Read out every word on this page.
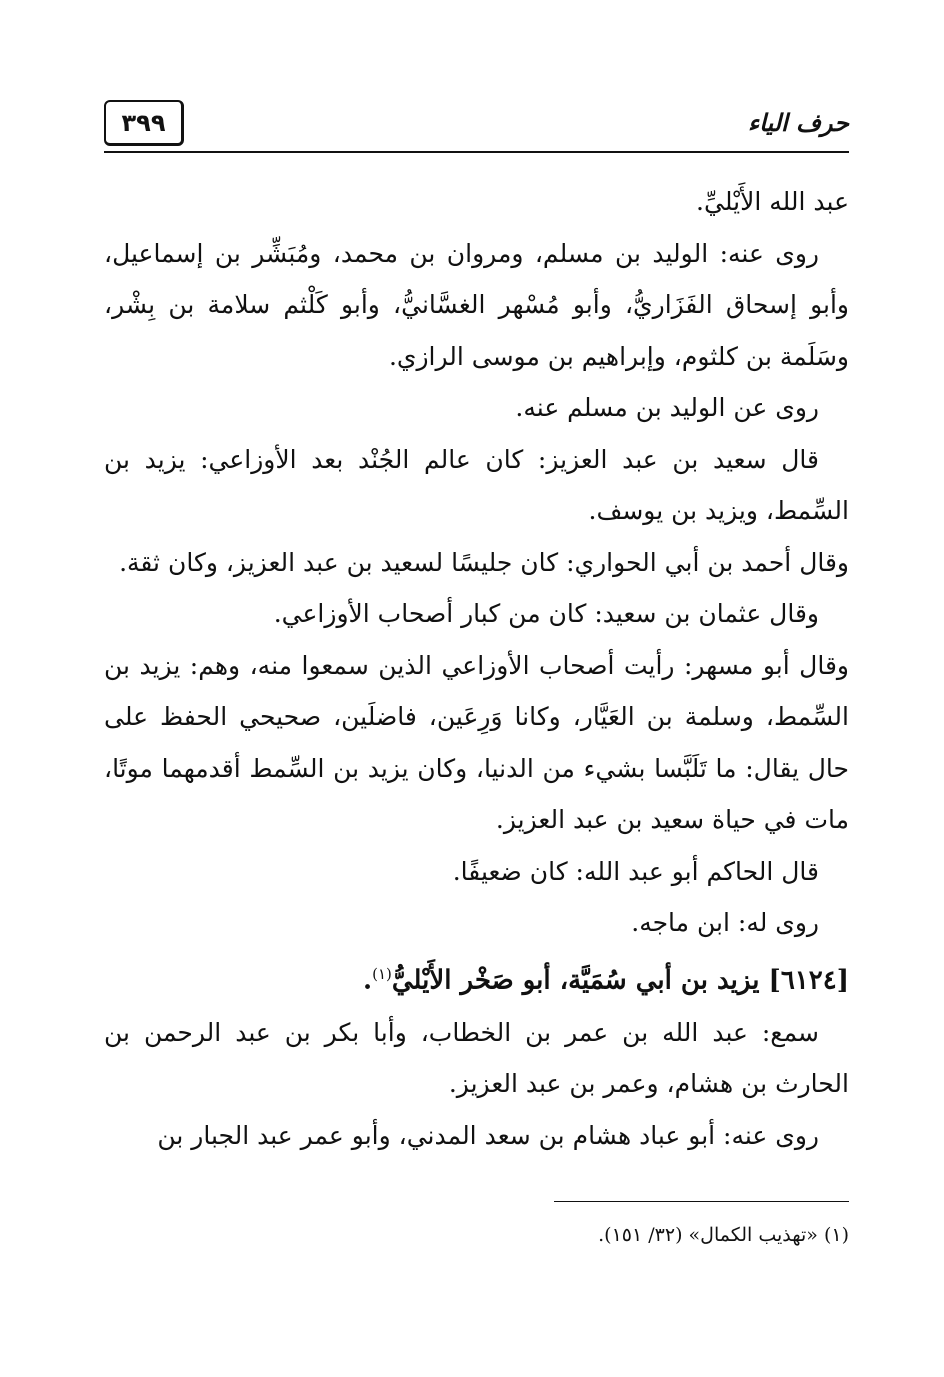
٣٩٩	حرف الياء

عبد الله الأَيْليِّ.

روى عنه: الوليد بن مسلم، ومروان بن محمد، ومُبَشِّر بن إسماعيل، وأبو إسحاق الفَزَاريُّ، وأبو مُسْهر الغسَّانيُّ، وأبو كَلْثم سلامة بن بِشْر، وسَلَمة بن كلثوم، وإبراهيم بن موسى الرازي.

روى عن الوليد بن مسلم عنه.

قال سعيد بن عبد العزيز: كان عالم الجُنْد بعد الأوزاعي: يزيد بن السِّمط، ويزيد بن يوسف.

وقال أحمد بن أبي الحواري: كان جليسًا لسعيد بن عبد العزيز، وكان ثقة.

وقال عثمان بن سعيد: كان من كبار أصحاب الأوزاعي.

وقال أبو مسهر: رأيت أصحاب الأوزاعي الذين سمعوا منه، وهم: يزيد بن السِّمط، وسلمة بن العَيَّار، وكانا وَرِعَين، فاضلَين، صحيحي الحفظ على حال يقال: ما تَلَبَّسا بشيء من الدنيا، وكان يزيد بن السِّمط أقدمهما موتًا، مات في حياة سعيد بن عبد العزيز.

قال الحاكم أبو عبد الله: كان ضعيفًا.

روى له: ابن ماجه.

[٦١٢٤] يزيد بن أبي سُمَيَّة، أبو صَخْر الأَيْليُّ$^{(١)}$.

سمع: عبد الله بن عمر بن الخطاب، وأبا بكر بن عبد الرحمن بن الحارث بن هشام، وعمر بن عبد العزيز.

روى عنه: أبو عباد هشام بن سعد المدني، وأبو عمر عبد الجبار بن

(١) «تهذيب الكمال» (٣٢/ ١٥١).
